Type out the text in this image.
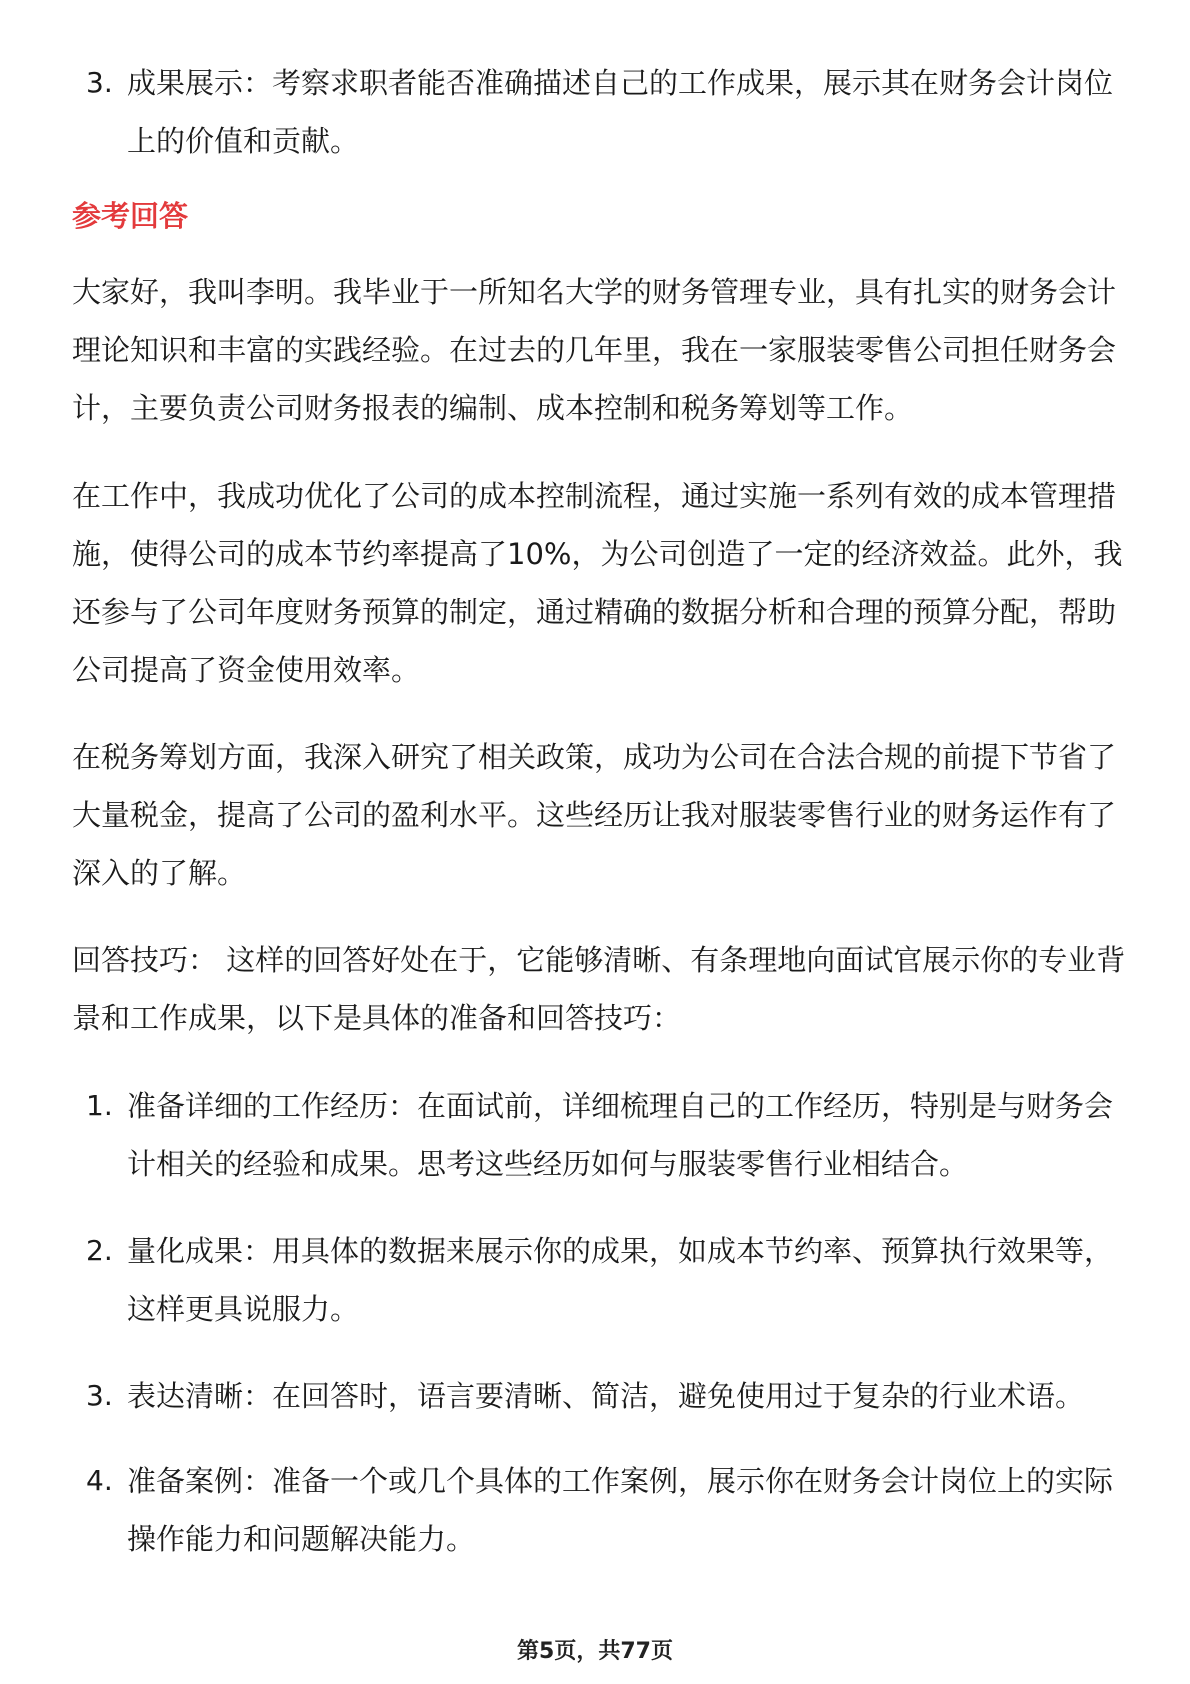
3. 成果展示：考察求职者能否准确描述自己的工作成果，展示其在财务会计岗位
上的价值和贡献。
参考回答
大家好，我叫李明。我毕业于一所知名大学的财务管理专业，具有扎实的财务会计
理论知识和丰富的实践经验。在过去的几年里，我在一家服装零售公司担任财务会
计，主要负责公司财务报表的编制、成本控制和税务筹划等工作。
在工作中，我成功优化了公司的成本控制流程，通过实施一系列有效的成本管理措
施，使得公司的成本节约率提高了10%，为公司创造了一定的经济效益。此外，我
还参与了公司年度财务预算的制定，通过精确的数据分析和合理的预算分配，帮助
公司提高了资金使用效率。
在税务筹划方面，我深入研究了相关政策，成功为公司在合法合规的前提下节省了
大量税金，提高了公司的盈利水平。这些经历让我对服装零售行业的财务运作有了
深入的了解。
回答技巧： 这样的回答好处在于，它能够清晰、有条理地向面试官展示你的专业背
景和工作成果，以下是具体的准备和回答技巧：
1. 准备详细的工作经历：在面试前，详细梳理自己的工作经历，特别是与财务会
计相关的经验和成果。思考这些经历如何与服装零售行业相结合。
2. 量化成果：用具体的数据来展示你的成果，如成本节约率、预算执行效果等，
这样更具说服力。
3. 表达清晰：在回答时，语言要清晰、简洁，避免使用过于复杂的行业术语。
4. 准备案例：准备一个或几个具体的工作案例，展示你在财务会计岗位上的实际
操作能力和问题解决能力。
第5页，共77页
